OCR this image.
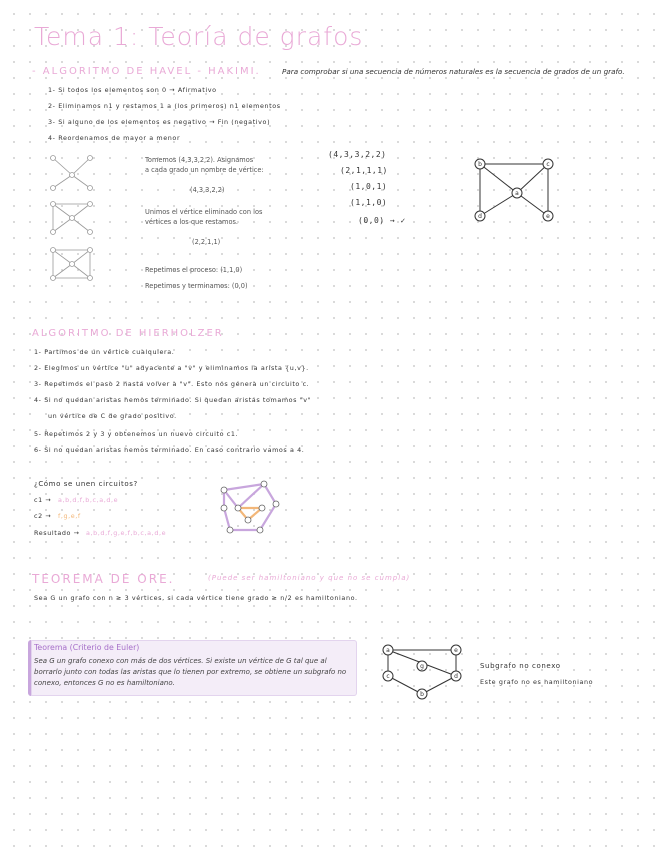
Tema 1: Teoría de grafos
- ALGORITMO DE HAVEL - HAKIMI.	Para comprobar si una secuencia de números naturales es la secuencia de grados de un grafo.
1- Si todos los elementos son 0 → Afirmativo
2- Eliminamos n1 y restamos 1 a (los primeros) n1 elementos
3- Si alguno de los elementos es negativo → Fin (negativo)
4- Reordenamos de mayor a menor
Tomemos (4,3,3,2,2). Asignamos
a cada grado un nombre de vértice:
(4,3,3,2,2)
Unimos el vértice eliminado con los
vértices a los que restamos.
(2,2,1,1)
Repetimos el proceso: (1,1,0)
Repetimos y terminamos: (0,0)
(4,3,3,2,2)
(2,1,1,1)
(1,0,1)
(1,1,0)
(0,0) → ✓
b	c
a
d	e
ALGORITMO DE HIERHOLZER
1- Partimos de un vértice cualquiera.
2- Elegimos un vértice "u" adyacente a "v" y eliminamos la arista {u,v}.
3- Repetimos el paso 2 hasta volver a "v". Esto nos genera un circuito c.
4- Si no quedan aristas hemos terminado. Si quedan aristas tomamos "v"
un vértice de C de grado positivo.
5- Repetimos 2 y 3 y obtenemos un nuevo circuito c1.
6- Si no quedan aristas hemos terminado. En caso contrario vamos a 4.
¿Cómo se unen circuitos?
c1 → a,b,d,f,b,c,a,d,e
c2 → f,g,e,f
Resultado → a,b,d,f,g,e,f,b,c,a,d,e
TEOREMA DE ORE.	(Puede ser hamiltoniano y que no se cumpla)
Sea G un grafo con n ≥ 3 vértices, si cada vértice tiene grado ≥ n/2 es hamiltoniano.
Teorema (Criterio de Euler)
Sea G un grafo conexo con más de dos vértices. Si existe un vértice de G tal que al borrarlo junto con todas las aristas que lo tienen por extremo, se obtiene un subgrafo no conexo, entonces G no es hamiltoniano.
a	e
c
b
d
g	Subgrafo no conexo
Este grafo no es hamiltoniano
